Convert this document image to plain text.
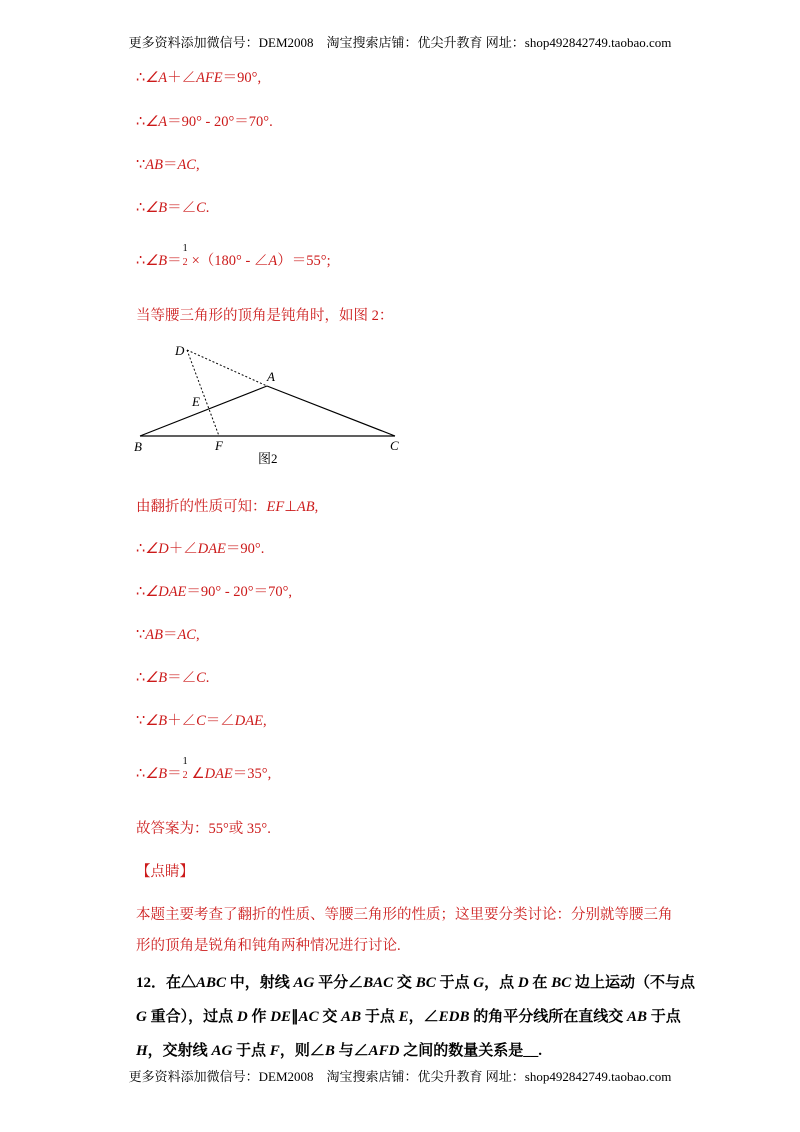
更多资料添加微信号：DEM2008　淘宝搜索店铺：优尖升教育 网址：shop492842749.taobao.com
∴∠A＋∠AFE＝90°,
∴∠A＝90° - 20°＝70°.
∵AB＝AC,
∴∠B＝∠C.
∴∠B＝
1
2 ×（180° - ∠A）＝55°;
当等腰三角形的顶角是钝角时，如图 2：
D
A
E
B	F	C
图2
由翻折的性质可知：EF⊥AB,
∴∠D＋∠DAE＝90°.
∴∠DAE＝90° - 20°＝70°,
∵AB＝AC,
∴∠B＝∠C.
∵∠B＋∠C＝∠DAE,
∴∠B＝
1
2 ∠DAE＝35°,
故答案为：55°或 35°.
【点睛】
本题主要考查了翻折的性质、等腰三角形的性质；这里要分类讨论：分别就等腰三角
形的顶角是锐角和钝角两种情况进行讨论.
12．在△ABC 中，射线 AG 平分∠BAC 交 BC 于点 G，点 D 在 BC 边上运动（不与点 G 重合），过点 D 作 DE∥AC 交 AB 于点 E，∠EDB 的角平分线所在直线交 AB 于点 H，交射线 AG 于点 F，则∠B 与∠AFD 之间的数量关系是__.
更多资料添加微信号：DEM2008　淘宝搜索店铺：优尖升教育 网址：shop492842749.taobao.com
